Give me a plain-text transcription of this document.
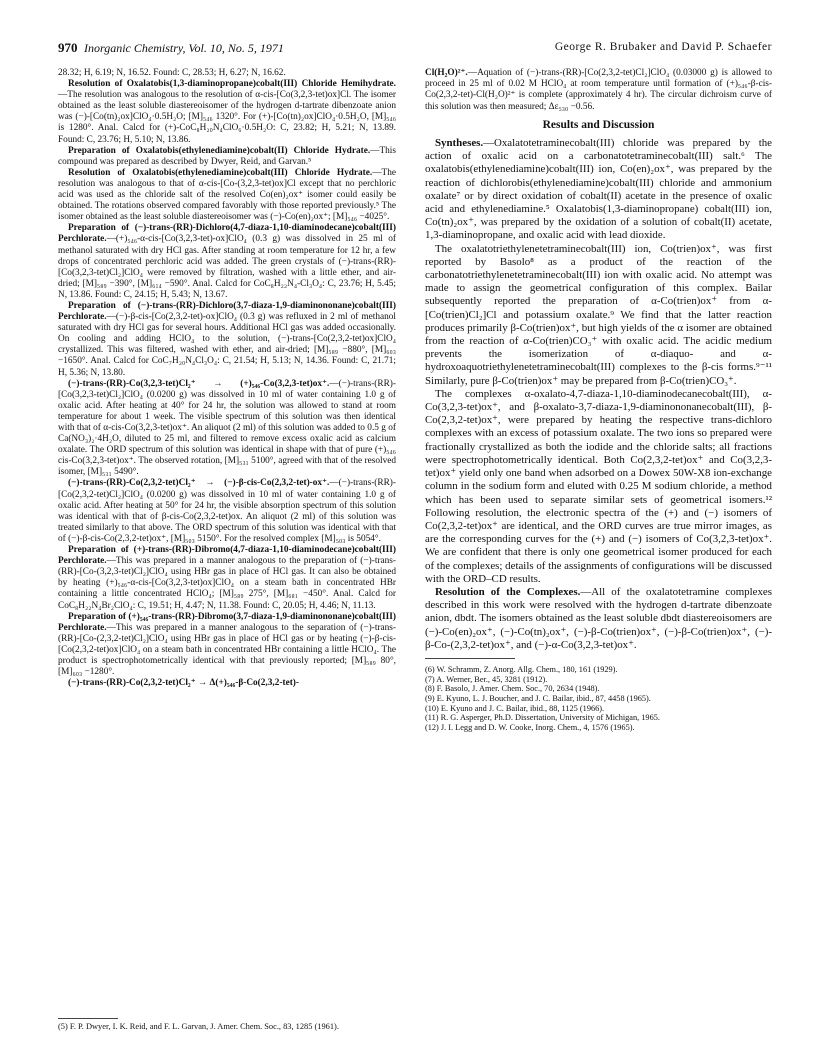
970 Inorganic Chemistry, Vol. 10, No. 5, 1971	George R. Brubaker and David P. Schaefer

28.32; H, 6.19; N, 16.52. Found: C, 28.53; H, 6.27; N, 16.62.

Resolution of Oxalatobis(1,3-diaminopropane)cobalt(III) Chloride Hemihydrate.—The resolution was analogous to the resolution of α-cis-[Co(3,2,3-tet)ox]Cl. The isomer obtained as the least soluble diastereoisomer of the hydrogen d-tartrate dibenzoate anion was (−)-[Co(tn)₂ox]ClO₄·0.5H₂O; [M]₅₄₆ 1320°. For (+)-[Co(tn)₂ox]ClO₄·0.5H₂O, [M]₅₄₆ is 1280°. Anal. Calcd for (+)-CoC₈H₂₀N₄ClO₆·0.5H₂O: C, 23.82; H, 5.21; N, 13.89. Found: C, 23.76; H, 5.10; N, 13.86.

Preparation of Oxalatobis(ethylenediamine)cobalt(II) Chloride Hydrate.—This compound was prepared as described by Dwyer, Reid, and Garvan.⁵

Resolution of Oxalatobis(ethylenediamine)cobalt(III) Chloride Hydrate.—The resolution was analogous to that of α-cis-[Co-(3,2,3-tet)ox]Cl except that no perchloric acid was used as the chloride salt of the resolved Co(en)₂ox⁺ isomer could easily be obtained. The rotations observed compared favorably with those reported previously.⁵ The isomer obtained as the least soluble diastereoisomer was (−)-Co(en)₂ox⁺; [M]₅₄₆ −4025°.

Preparation of (−)-trans-(RR)-Dichloro(4,7-diaza-1,10-diaminodecane)cobalt(III) Perchlorate.—(+)₅₄₆-α-cis-[Co(3,2,3-tet)-ox]ClO₄ (0.3 g) was dissolved in 25 ml of methanol saturated with dry HCl gas. After standing at room temperature for 12 hr, a few drops of concentrated perchloric acid was added. The green crystals of (−)-trans-(RR)-[Co(3,2,3-tet)Cl₂]ClO₄ were removed by filtration, washed with a little ether, and air-dried; [M]₅₈₉ −390°, [M]₆₁₄ −590°. Anal. Calcd for CoC₈H₂₂N₄-Cl₃O₄: C, 23.76; H, 5.45; N, 13.86. Found: C, 24.15; H, 5.43; N, 13.67.

Preparation of (−)-trans-(RR)-Dichloro(3,7-diaza-1,9-diaminononane)cobalt(III) Perchlorate.—(−)-β-cis-[Co(2,3,2-tet)-ox]ClO₄ (0.3 g) was refluxed in 2 ml of methanol saturated with dry HCl gas for several hours. Additional HCl gas was added occasionally. On cooling and adding HClO₄ to the solution, (−)-trans-[Co(2,3,2-tet)ox]ClO₄ crystallized. This was filtered, washed with ether, and air-dried; [M]₅₈₉ −880°, [M]₆₀₃ −1650°. Anal. Calcd for CoC₇H₂₀N₄Cl₃O₄: C, 21.54; H, 5.13; N, 14.36. Found: C, 21.71; H, 5.36; N, 13.80.

(−)-trans-(RR)-Co(3,2,3-tet)Cl₂⁺ → (+)₅₄₆-Co(3,2,3-tet)ox⁺.—(−)-trans-(RR)-[Co(3,2,3-tet)Cl₂]ClO₄ (0.0200 g) was dissolved in 10 ml of water containing 1.0 g of oxalic acid. After heating at 40° for 24 hr, the solution was allowed to stand at room temperature for about 1 week. The visible spectrum of this solution was then identical with that of α-cis-Co(3,2,3-tet)ox⁺. An aliquot (2 ml) of this solution was added to 0.5 g of Ca(NO₃)₂·4H₂O, diluted to 25 ml, and filtered to remove excess oxalic acid as calcium oxalate. The ORD spectrum of this solution was identical in shape with that of pure (+)₅₄₆ cis-Co(3,2,3-tet)ox⁺. The observed rotation, [M]₅₃₁ 5100°, agreed with that of the resolved isomer, [M]₅₃₁ 5490°.

(−)-trans-(RR)-Co(2,3,2-tet)Cl₂⁺ → (−)-β-cis-Co(2,3,2-tet)-ox⁺.—(−)-trans-(RR)-[Co(2,3,2-tet)Cl₂]ClO₄ (0.0200 g) was dissolved in 10 ml of water containing 1.0 g of oxalic acid. After heating at 50° for 24 hr, the visible absorption spectrum of this solution was identical with that of β-cis-Co(2,3,2-tet)ox. An aliquot (2 ml) of this solution was treated similarly to that above. The ORD spectrum of this solution was identical with that of (−)-β-cis-Co(2,3,2-tet)ox⁺, [M]₅₀₃ 5150°. For the resolved complex [M]₅₀₃ is 5054°.

Preparation of (+)-trans-(RR)-Dibromo(4,7-diaza-1,10-diaminodecane)cobalt(III) Perchlorate.—This was prepared in a manner analogous to the preparation of (−)-trans-(RR)-[Co-(3,2,3-tet)Cl₂]ClO₄ using HBr gas in place of HCl gas. It can also be obtained by heating (+)₅₄₆-α-cis-[Co(3,2,3-tet)ox]ClO₄ on a steam bath in concentrated HBr containing a little concentrated HClO₄; [M]₅₈₉ 275°, [M]₆₈₁ −450°. Anal. Calcd for CoC₈H₂₂N₄Br₂ClO₄: C, 19.51; H, 4.47; N, 11.38. Found: C, 20.05; H, 4.46; N, 11.13.

Preparation of (+)₅₄₆-trans-(RR)-Dibromo(3,7-diaza-1,9-diaminononane)cobalt(III) Perchlorate.—This was prepared in a manner analogous to the separation of (−)-trans-(RR)-[Co-(2,3,2-tet)Cl₂]ClO₄ using HBr gas in place of HCl gas or by heating (−)-β-cis-[Co(2,3,2-tet)ox]ClO₄ on a steam bath in concentrated HBr containing a little HClO₄. The product is spectrophotometrically identical with that previously reported; [M]₅₈₉ 80°, [M]₆₀₃ −1280°.

(−)-trans-(RR)-Co(2,3,2-tet)Cl₂⁺ → Δ(+)₅₄₆-β-Co(2,3,2-tet)-

(5) F. P. Dwyer, I. K. Reid, and F. L. Garvan, J. Amer. Chem. Soc., 83, 1285 (1961).

Cl(H₂O)²⁺.—Aquation of (−)-trans-(RR)-[Co(2,3,2-tet)Cl₂]ClO₄ (0.03000 g) is allowed to proceed in 25 ml of 0.02 M HClO₄ at room temperature until formation of (+)₅₄₆-β-cis-Co(2,3,2-tet)-Cl(H₂O)²⁺ is complete (approximately 4 hr). The circular dichroism curve of this solution was then measured; Δε₅₃₀ −0.56.

Results and Discussion

Syntheses.—Oxalatotetraminecobalt(III) chloride was prepared by the action of oxalic acid on a carbonatotetraminecobalt(III) salt.⁶ The oxalatobis(ethylenediamine)cobalt(III) ion, Co(en)₂ox⁺, was prepared by the reaction of dichlorobis(ethylenediamine)cobalt(III) chloride and ammonium oxalate⁷ or by direct oxidation of cobalt(II) acetate in the presence of oxalic acid and ethylenediamine.⁵ Oxalatobis(1,3-diaminopropane) cobalt(III) ion, Co(tn)₂ox⁺, was prepared by the oxidation of a solution of cobalt(II) acetate, 1,3-diaminopropane, and oxalic acid with lead dioxide.

The oxalatotriethylenetetraminecobalt(III) ion, Co(trien)ox⁺, was first reported by Basolo⁸ as a product of the reaction of the carbonatotriethylenetetraminecobalt(III) ion with oxalic acid. No attempt was made to assign the geometrical configuration of this complex. Bailar subsequently reported the preparation of α-Co(trien)ox⁺ from α-[Co(trien)Cl₂]Cl and potassium oxalate.⁹ We find that the latter reaction produces primarily β-Co(trien)ox⁺, but high yields of the α isomer are obtained from the reaction of α-Co(trien)CO₃⁺ with oxalic acid. The acidic medium prevents the isomerization of α-diaquo- and α-hydroxoaquotriethylenetetraminecobalt(III) complexes to the β-cis forms.⁹⁻¹¹ Similarly, pure β-Co(trien)ox⁺ may be prepared from β-Co(trien)CO₃⁺.

The complexes α-oxalato-4,7-diaza-1,10-diaminodecanecobalt(III), α-Co(3,2,3-tet)ox⁺, and β-oxalato-3,7-diaza-1,9-diaminononanecobalt(III), β-Co(2,3,2-tet)ox⁺, were prepared by heating the respective trans-dichloro complexes with an excess of potassium oxalate. The two ions so prepared were fractionally crystallized as both the iodide and the chloride salts; all fractions were spectrophotometrically identical. Both Co(2,3,2-tet)ox⁺ and Co(3,2,3-tet)ox⁺ yield only one band when adsorbed on a Dowex 50W-X8 ion-exchange column in the sodium form and eluted with 0.25 M sodium chloride, a method which has been used to separate similar sets of geometrical isomers.¹² Following resolution, the electronic spectra of the (+) and (−) isomers of Co(2,3,2-tet)ox⁺ are identical, and the ORD curves are true mirror images, as are the corresponding curves for the (+) and (−) isomers of Co(3,2,3-tet)ox⁺. We are confident that there is only one geometrical isomer produced for each of the complexes; details of the assignments of configurations will be discussed with the ORD–CD results.

Resolution of the Complexes.—All of the oxalatotetramine complexes described in this work were resolved with the hydrogen d-tartrate dibenzoate anion, dbdt. The isomers obtained as the least soluble dbdt diastereoisomers are (−)-Co(en)₂ox⁺, (−)-Co(tn)₂ox⁺, (−)-β-Co(trien)ox⁺, (−)-β-Co(trien)ox⁺, (−)-β-Co-(2,3,2-tet)ox⁺, and (−)-α-Co(3,2,3-tet)ox⁺.

(6) W. Schramm, Z. Anorg. Allg. Chem., 180, 161 (1929).
(7) A. Werner, Ber., 45, 3281 (1912).
(8) F. Basolo, J. Amer. Chem. Soc., 70, 2634 (1948).
(9) E. Kyuno, L. J. Boucher, and J. C. Bailar, ibid., 87, 4458 (1965).
(10) E. Kyuno and J. C. Bailar, ibid., 88, 1125 (1966).
(11) R. G. Asperger, Ph.D. Dissertation, University of Michigan, 1965.
(12) J. I. Legg and D. W. Cooke, Inorg. Chem., 4, 1576 (1965).
